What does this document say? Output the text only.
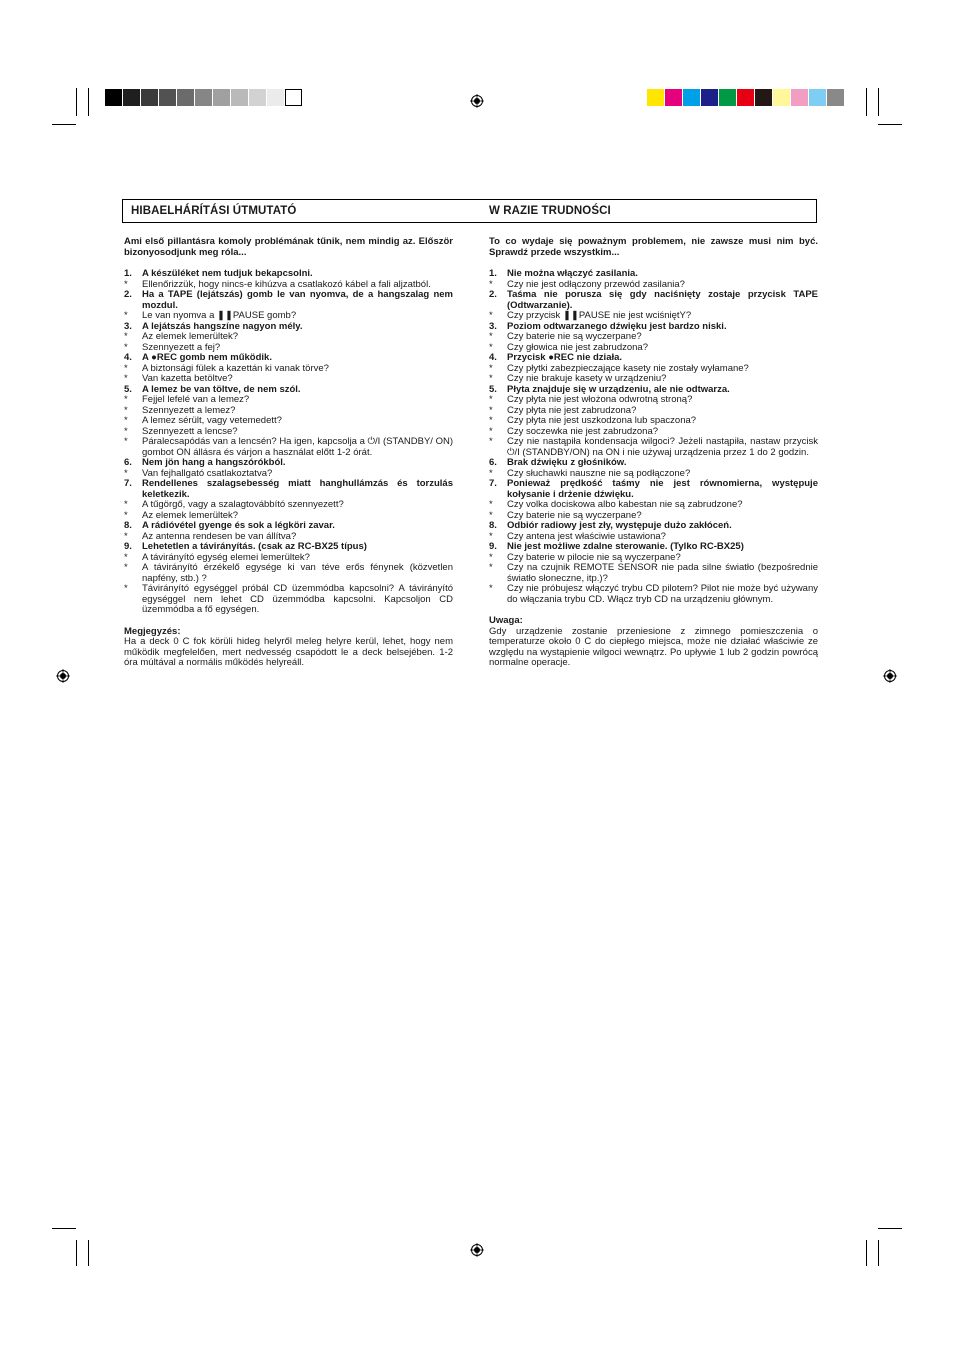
HIBAELHÁRÍTÁSI ÚTMUTATÓ	W RAZIE TRUDNOŚCI

Ami első pillantásra komoly problémának tűnik, nem mindig az. Először bizonyosodjunk meg róla...

1. A készüléket nem tudjuk bekapcsolni.
* Ellenőrizzük, hogy nincs-e kihúzva a csatlakozó kábel a fali aljzatból.
2. Ha a TAPE (lejátszás) gomb le van nyomva, de a hangszalag nem mozdul.
* Le van nyomva a ❚❚PAUSE gomb?
3. A lejátszás hangszíne nagyon mély.
* Az elemek lemerültek?
* Szennyezett a fej?
4. A ●REC gomb nem működik.
* A biztonsági fülek a kazettán ki vanak törve?
* Van kazetta betöltve?
5. A lemez be van töltve, de nem szól.
* Fejjel lefelé van a lemez?
* Szennyezett a lemez?
* A lemez sérült, vagy vetemedett?
* Szennyezett a lencse?
* Páralecsapódás van a lencsén? Ha igen, kapcsolja a ⏻/I (STANDBY/ ON) gombot ON állásra és várjon a használat előtt 1-2 órát.
6. Nem jön hang a hangszórókból.
* Van fejhallgató csatlakoztatva?
7. Rendellenes szalagsebesség miatt hanghullámzás és torzulás keletkezik.
* A tűgörgő, vagy a szalagtovábbító szennyezett?
* Az elemek lemerültek?
8. A rádióvétel gyenge és sok a légköri zavar.
* Az antenna rendesen be van állítva?
9. Lehetetlen a távirányítás. (csak az RC-BX25 típus)
* A távirányító egység elemei lemerültek?
* A távirányító érzékelő egysége ki van téve erős fénynek (közvetlen napfény, stb.) ?
* Távirányító egységgel próbál CD üzemmódba kapcsolni? A távirányító egységgel nem lehet CD üzemmódba kapcsolni. Kapcsoljon CD üzemmódba a fő egységen.

Megjegyzés:

Ha a deck 0 C fok körüli hideg helyről meleg helyre kerül, lehet, hogy nem működik megfelelően, mert nedvesség csapódott le a deck belsejében. 1-2 óra múltával a normális működés helyreáll.

To co wydaje się poważnym problemem, nie zawsze musi nim być. Sprawdź przede wszystkim...

1. Nie można włączyć zasilania.
* Czy nie jest odłączony przewód zasilania?
2. Taśma nie porusza się gdy naciśnięty zostaje przycisk TAPE (Odtwarzanie).
* Czy przycisk ❚❚PAUSE nie jest wciśniętY?
3. Poziom odtwarzanego dźwięku jest bardzo niski.
* Czy baterie nie są wyczerpane?
* Czy głowica nie jest zabrudzona?
4. Przycisk ●REC nie działa.
* Czy płytki zabezpieczające kasety nie zostały wyłamane?
* Czy nie brakuje kasety w urządzeniu?
5. Płyta znajduje się w urządzeniu, ale nie odtwarza.
* Czy płyta nie jest włożona odwrotną stroną?
* Czy płyta nie jest zabrudzona?
* Czy płyta nie jest uszkodzona lub spaczona?
* Czy soczewka nie jest zabrudzona?
* Czy nie nastąpiła kondensacja wilgoci? Jeżeli nastąpiła, nastaw przycisk ⏻/I (STANDBY/ON) na ON i nie używaj urządzenia przez 1 do 2 godzin.
6. Brak dźwięku z głośników.
* Czy słuchawki nauszne nie są podłączone?
7. Ponieważ prędkość taśmy nie jest równomierna, występuje kołysanie i drżenie dźwięku.
* Czy volka dociskowa albo kabestan nie są zabrudzone?
* Czy baterie nie są wyczerpane?
8. Odbiór radiowy jest zły, występuje dużo zakłóceń.
* Czy antena jest właściwie ustawiona?
9. Nie jest możliwe zdalne sterowanie. (Tylko RC-BX25)
* Czy baterie w pilocie nie są wyczerpane?
* Czy na czujnik REMOTE SENSOR nie pada silne światło (bezpośrednie światło słoneczne, itp.)?
* Czy nie próbujesz włączyć trybu CD pilotem? Pilot nie może być używany do włączania trybu CD. Włącz tryb CD na urządzeniu głównym.

Uwaga:

Gdy urządzenie zostanie przeniesione z zimnego pomieszczenia o temperaturze około 0 C do ciepłego miejsca, może nie działać właściwie ze względu na wystąpienie wilgoci wewnątrz. Po upływie 1 lub 2 godzin powrócą normalne operacje.
